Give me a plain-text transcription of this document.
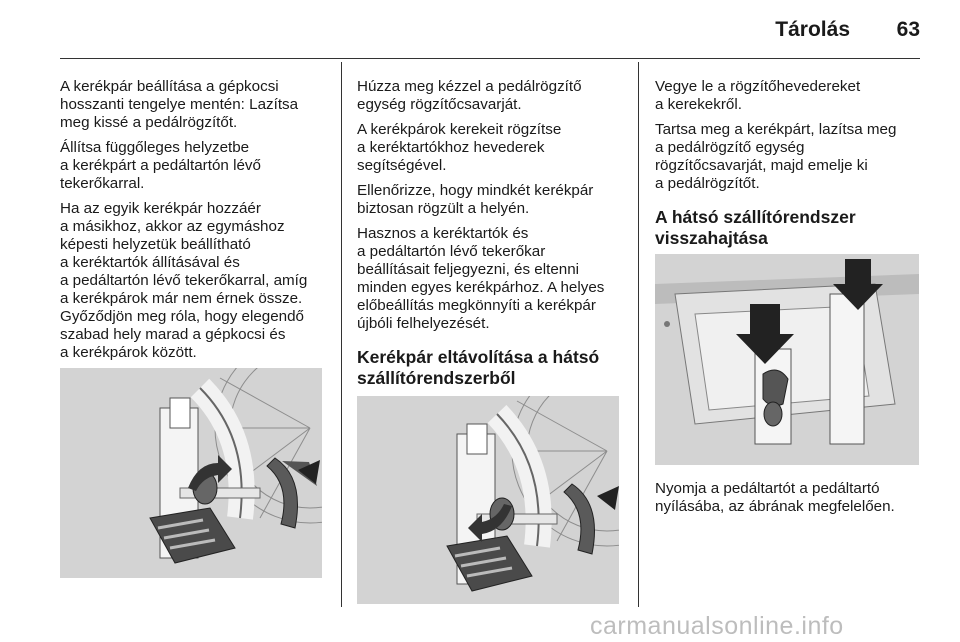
Tárolás	63

A kerékpár beállítása a gépkocsi
hosszanti tengelye mentén: Lazítsa
meg kissé a pedálrögzítőt.

Állítsa függőleges helyzetbe
a kerékpárt a pedáltartón lévő
tekerőkarral.

Ha az egyik kerékpár hozzáér
a másikhoz, akkor az egymáshoz
képesti helyzetük beállítható
a keréktartók állításával és
a pedáltartón lévő tekerőkarral, amíg
a kerékpárok már nem érnek össze.
Győződjön meg róla, hogy elegendő
szabad hely marad a gépkocsi és
a kerékpárok között.

Húzza meg kézzel a pedálrögzítő
egység rögzítőcsavarját.

A kerékpárok kerekeit rögzítse
a keréktartókhoz hevederek
segítségével.

Ellenőrizze, hogy mindkét kerékpár
biztosan rögzült a helyén.

Hasznos a keréktartók és
a pedáltartón lévő tekerőkar
beállításait feljegyezni, és eltenni
minden egyes kerékpárhoz. A helyes
előbeállítás megkönnyíti a kerékpár
újbóli felhelyezését.

Kerékpár eltávolítása a hátsó
szállítórendszerből

Vegye le a rögzítőhevedereket
a kerekekről.

Tartsa meg a kerékpárt, lazítsa meg
a pedálrögzítő egység
rögzítőcsavarját, majd emelje ki
a pedálrögzítőt.

A hátsó szállítórendszer
visszahajtása

Nyomja a pedáltartót a pedáltartó
nyílásába, az ábrának megfelelően.

carmanualsonline.info
